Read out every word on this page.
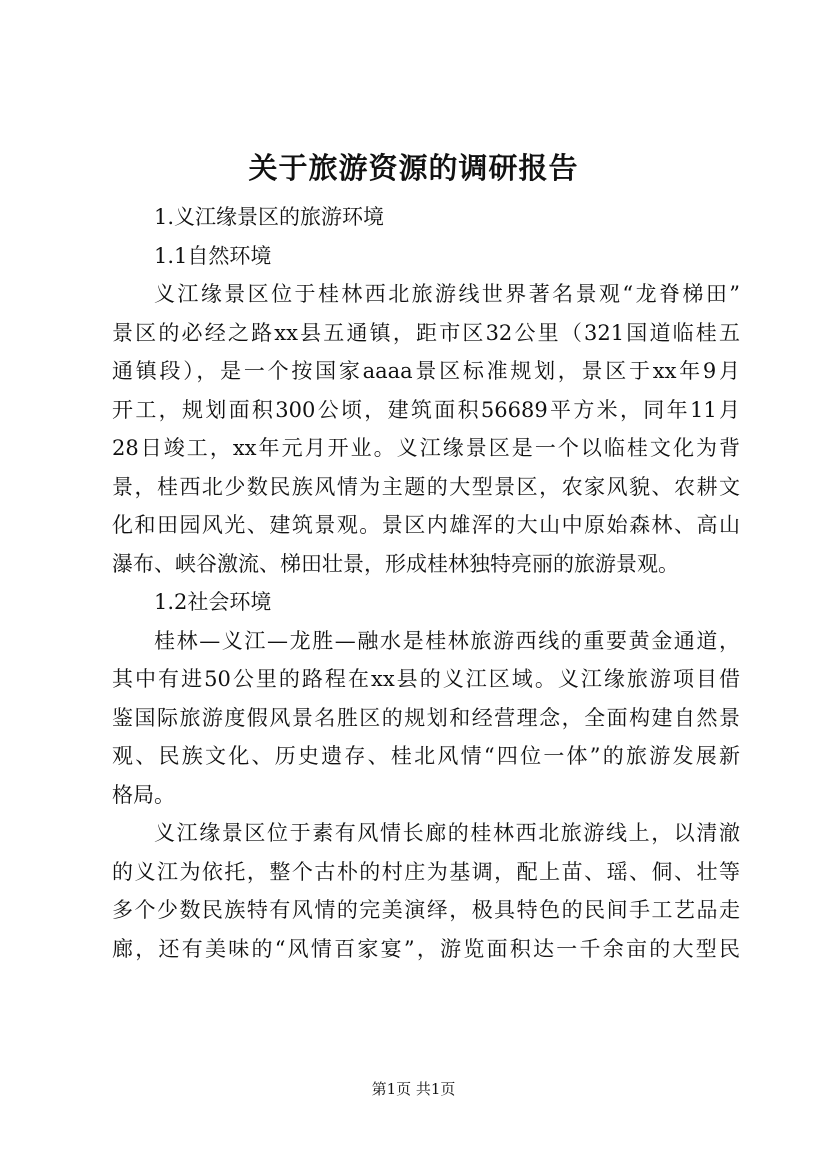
关于旅游资源的调研报告
1.义江缘景区的旅游环境
1.1自然环境
义江缘景区位于桂林西北旅游线世界著名景观“龙脊梯田”
景区的必经之路xx县五通镇，距市区32公里（321国道临桂五
通镇段），是一个按国家aaaa景区标准规划，景区于xx年9月
开工，规划面积300公顷，建筑面积56689平方米，同年11月
28日竣工，xx年元月开业。义江缘景区是一个以临桂文化为背
景，桂西北少数民族风情为主题的大型景区，农家风貌、农耕文
化和田园风光、建筑景观。景区内雄浑的大山中原始森林、高山
瀑布、峡谷激流、梯田壮景，形成桂林独特亮丽的旅游景观。
1.2社会环境
桂林—义江—龙胜—融水是桂林旅游西线的重要黄金通道，
其中有进50公里的路程在xx县的义江区域。义江缘旅游项目借
鉴国际旅游度假风景名胜区的规划和经营理念，全面构建自然景
观、民族文化、历史遗存、桂北风情“四位一体”的旅游发展新
格局。
义江缘景区位于素有风情长廊的桂林西北旅游线上，以清澈
的义江为依托，整个古朴的村庄为基调，配上苗、瑶、侗、壮等
多个少数民族特有风情的完美演绎，极具特色的民间手工艺品走
廊，还有美味的“风情百家宴”，游览面积达一千余亩的大型民
第1页 共1页
